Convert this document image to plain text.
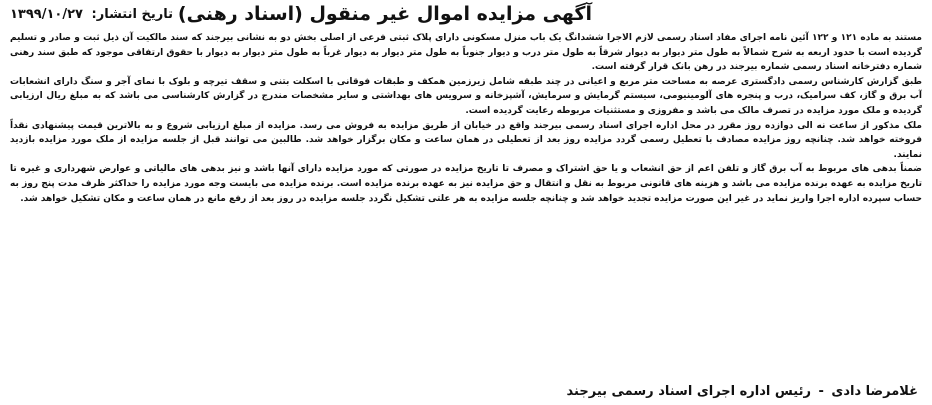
آگهی مزایده اموال غیر منقول (اسناد رهنی)
تاریخ انتشار: ۱۳۹۹/۱۰/۲۷

مستند به ماده ۱۲۱ و ۱۲۲ آئین نامه اجرای مفاد اسناد رسمی لازم الاجرا ششدانگ یک باب منزل مسکونی دارای پلاک ثبتی فرعی از اصلی بخش دو به نشانی بیرجند که سند مالکیت آن ذیل ثبت و صادر و تسلیم گردیده است با حدود اربعه به شرح شمالاً به طول متر دیوار به دیوار شرقاً به طول متر درب و دیوار جنوباً به طول متر دیوار به دیوار غرباً به طول متر دیوار به دیوار با حقوق ارتفاقی موجود که طبق سند رهنی شماره دفترخانه اسناد رسمی شماره بیرجند در رهن بانک قرار گرفته است.

طبق گزارش کارشناس رسمی دادگستری عرصه به مساحت متر مربع و اعیانی در چند طبقه شامل زیرزمین همکف و طبقات فوقانی با اسکلت بتنی و سقف تیرچه و بلوک با نمای آجر و سنگ دارای انشعابات آب برق و گاز، کف سرامیک، درب و پنجره های آلومینیومی، سیستم گرمایش و سرمایش، آشپزخانه و سرویس های بهداشتی و سایر مشخصات مندرج در گزارش کارشناسی می باشد که به مبلغ ریال ارزیابی گردیده و ملک مورد مزایده در تصرف مالک می باشد و مفروزی و مستثنیات مربوطه رعایت گردیده است.

ملک مذکور از ساعت نه الی دوازده روز مقرر در محل اداره اجرای اسناد رسمی بیرجند واقع در خیابان از طریق مزایده به فروش می رسد. مزایده از مبلغ ارزیابی شروع و به بالاترین قیمت پیشنهادی نقداً فروخته خواهد شد. چنانچه روز مزایده مصادف با تعطیل رسمی گردد مزایده روز بعد از تعطیلی در همان ساعت و مکان برگزار خواهد شد. طالبین می توانند قبل از جلسه مزایده از ملک مورد مزایده بازدید نمایند.

ضمناً بدهی های مربوط به آب برق گاز و تلفن اعم از حق انشعاب و یا حق اشتراک و مصرف تا تاریخ مزایده در صورتی که مورد مزایده دارای آنها باشد و نیز بدهی های مالیاتی و عوارض شهرداری و غیره تا تاریخ مزایده به عهده برنده مزایده می باشد و هزینه های قانونی مربوط به نقل و انتقال و حق مزایده نیز به عهده برنده مزایده است. برنده مزایده می بایست وجه مورد مزایده را حداکثر ظرف مدت پنج روز به حساب سپرده اداره اجرا واریز نماید در غیر این صورت مزایده تجدید خواهد شد و چنانچه جلسه مزایده به هر علتی تشکیل نگردد جلسه مزایده در روز بعد از رفع مانع در همان ساعت و مکان تشکیل خواهد شد.

غلامرضا دادی - رئیس اداره اجرای اسناد رسمی بیرجند
